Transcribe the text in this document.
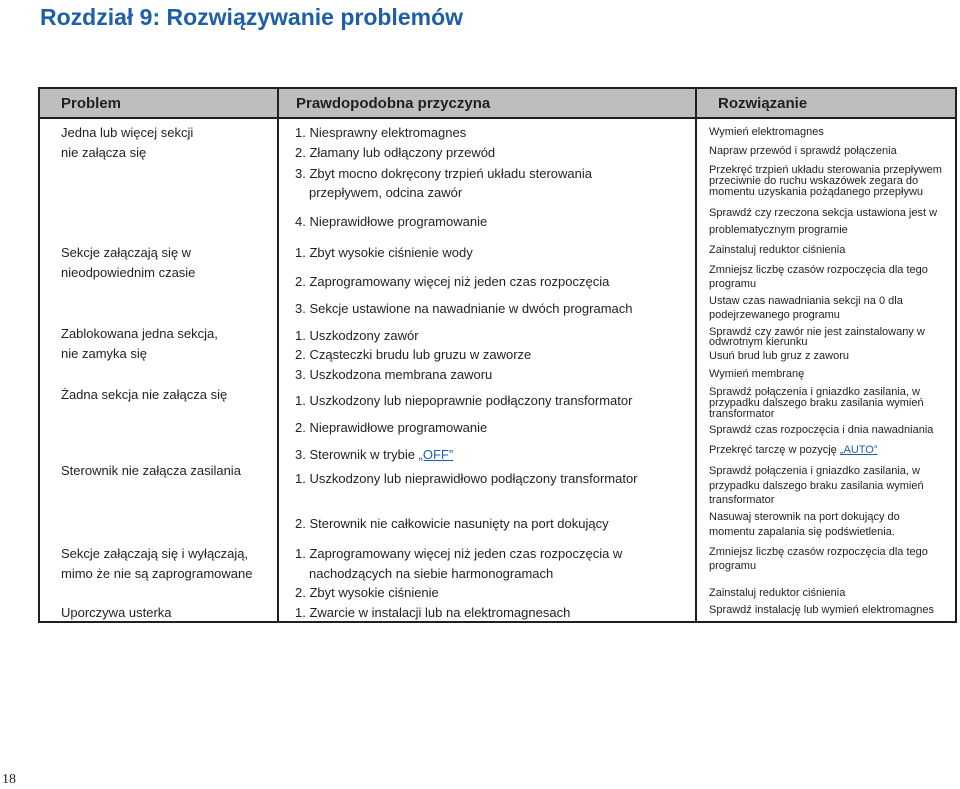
Rozdział 9: Rozwiązywanie problemów
Problem	Prawdopodobna przyczyna	Rozwiązanie
Jedna lub więcej sekcji
nie załącza się
Sekcje załączają się w
nieodpowiednim czasie
Zablokowana jedna sekcja,
nie zamyka się
Żadna sekcja nie załącza się
Sterownik nie załącza zasilania
Sekcje załączają się i wyłączają,
mimo że nie są zaprogramowane
Uporczywa usterka
1. Niesprawny elektromagnes
2. Złamany lub odłączony przewód
3. Zbyt mocno dokręcony trzpień układu sterowania
przepływem, odcina zawór
4. Nieprawidłowe programowanie
1. Zbyt wysokie ciśnienie wody
2. Zaprogramowany więcej niż jeden czas rozpoczęcia
3. Sekcje ustawione na nawadnianie w dwóch programach
1. Uszkodzony zawór
2. Cząsteczki brudu lub gruzu w zaworze
3. Uszkodzona membrana zaworu
1. Uszkodzony lub niepoprawnie podłączony transformator
2. Nieprawidłowe programowanie
3. Sterownik w trybie „OFF”
1. Uszkodzony lub nieprawidłowo podłączony transformator
2. Sterownik nie całkowicie nasunięty na port dokujący
1. Zaprogramowany więcej niż jeden czas rozpoczęcia w
nachodzących na siebie harmonogramach
2. Zbyt wysokie ciśnienie
1. Zwarcie w instalacji lub na elektromagnesach
Wymień elektromagnes
Napraw przewód i sprawdź połączenia
Przekręć trzpień układu sterowania przepływem
przeciwnie do ruchu wskazówek zegara do
momentu uzyskania pożądanego przepływu
Sprawdź czy rzeczona sekcja ustawiona jest w
problematycznym programie
Zainstaluj reduktor ciśnienia
Zmniejsz liczbę czasów rozpoczęcia dla tego
programu
Ustaw czas nawadniania sekcji na 0 dla
podejrzewanego programu
Sprawdź czy zawór nie jest zainstalowany w
odwrotnym kierunku
Usuń brud lub gruz z zaworu
Wymień membranę
Sprawdź połączenia i gniazdko zasilania, w
przypadku dalszego braku zasilania wymień
transformator
Sprawdź czas rozpoczęcia i dnia nawadniania
Przekręć tarczę w pozycję „AUTO”
Sprawdź połączenia i gniazdko zasilania, w
przypadku dalszego braku zasilania wymień
transformator
Nasuwaj sterownik na port dokujący do
momentu zapalania się podświetlenia.
Zmniejsz liczbę czasów rozpoczęcia dla tego
programu
Zainstaluj reduktor ciśnienia
Sprawdź instalację lub wymień elektromagnes
18
